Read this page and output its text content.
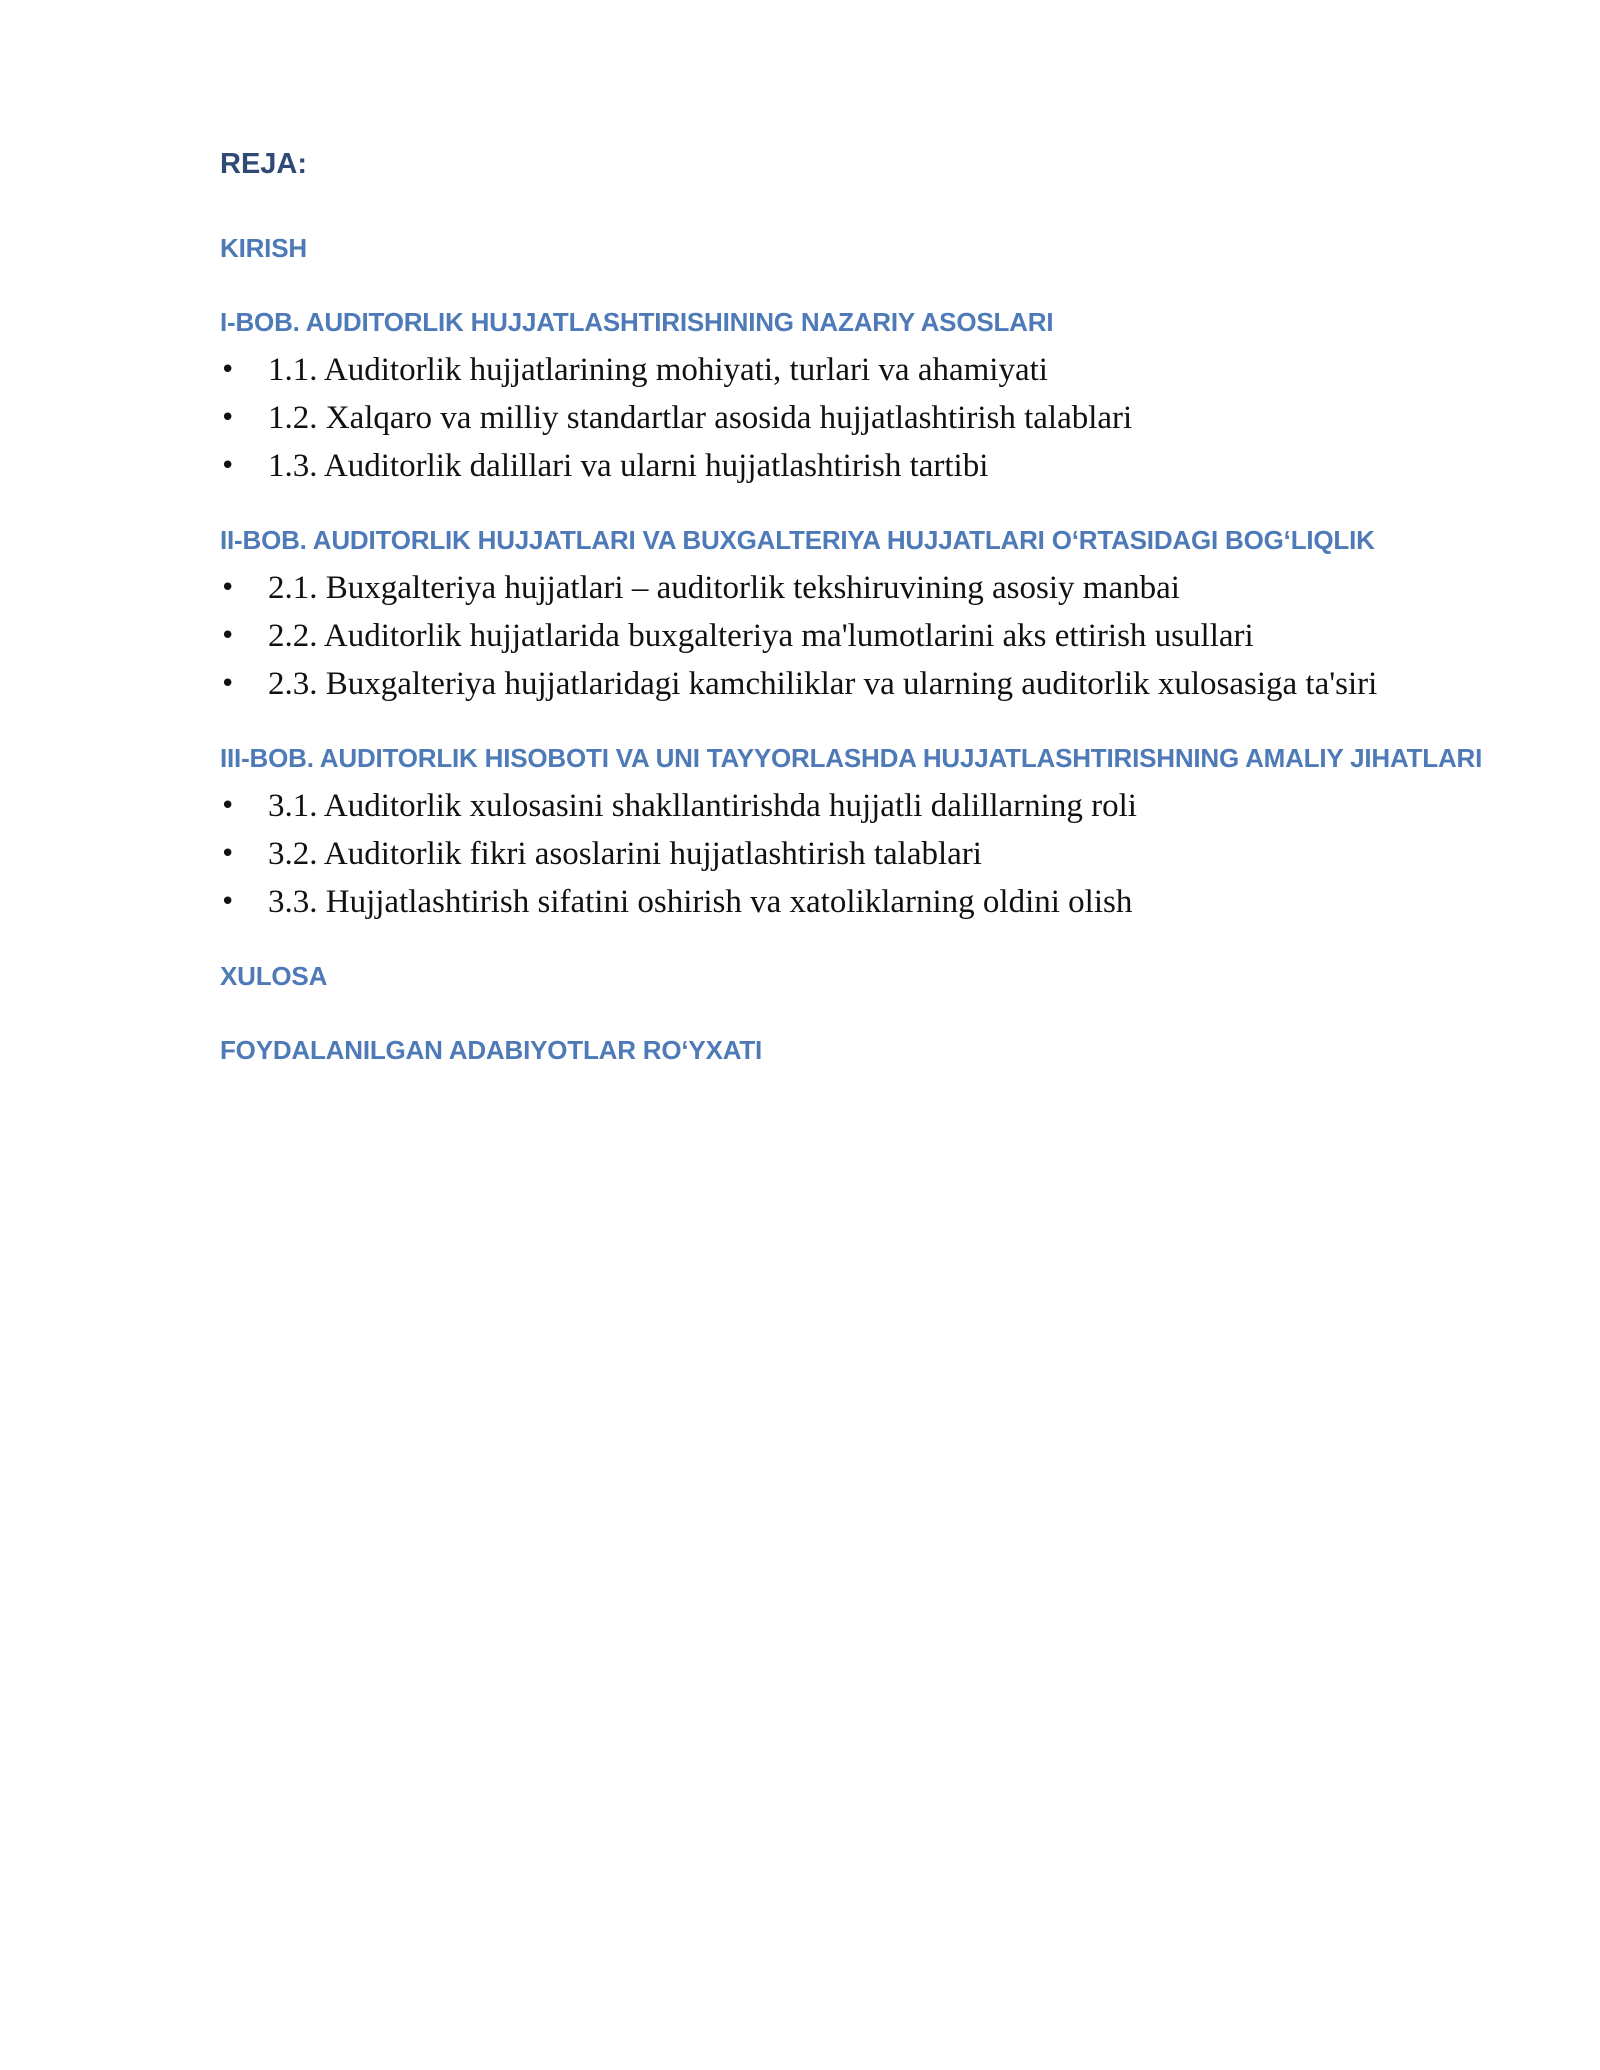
REJA:
KIRISH
I-BOB. AUDITORLIK HUJJATLASHTIRISHINING NAZARIY ASOSLARI
• 1.1. Auditorlik hujjatlarining mohiyati, turlari va ahamiyati
• 1.2. Xalqaro va milliy standartlar asosida hujjatlashtirish talablari
• 1.3. Auditorlik dalillari va ularni hujjatlashtirish tartibi
II-BOB. AUDITORLIK HUJJATLARI VA BUXGALTERIYA HUJJATLARI O‘RTASIDAGI BOG‘LIQLIK
• 2.1. Buxgalteriya hujjatlari – auditorlik tekshiruvining asosiy manbai
• 2.2. Auditorlik hujjatlarida buxgalteriya ma'lumotlarini aks ettirish usullari
• 2.3. Buxgalteriya hujjatlaridagi kamchiliklar va ularning auditorlik xulosasiga ta'siri
III-BOB. AUDITORLIK HISOBOTI VA UNI TAYYORLASHDA HUJJATLASHTIRISHNING AMALIY JIHATLARI
• 3.1. Auditorlik xulosasini shakllantirishda hujjatli dalillarning roli
• 3.2. Auditorlik fikri asoslarini hujjatlashtirish talablari
• 3.3. Hujjatlashtirish sifatini oshirish va xatoliklarning oldini olish
XULOSA
FOYDALANILGAN ADABIYOTLAR RO‘YXATI
